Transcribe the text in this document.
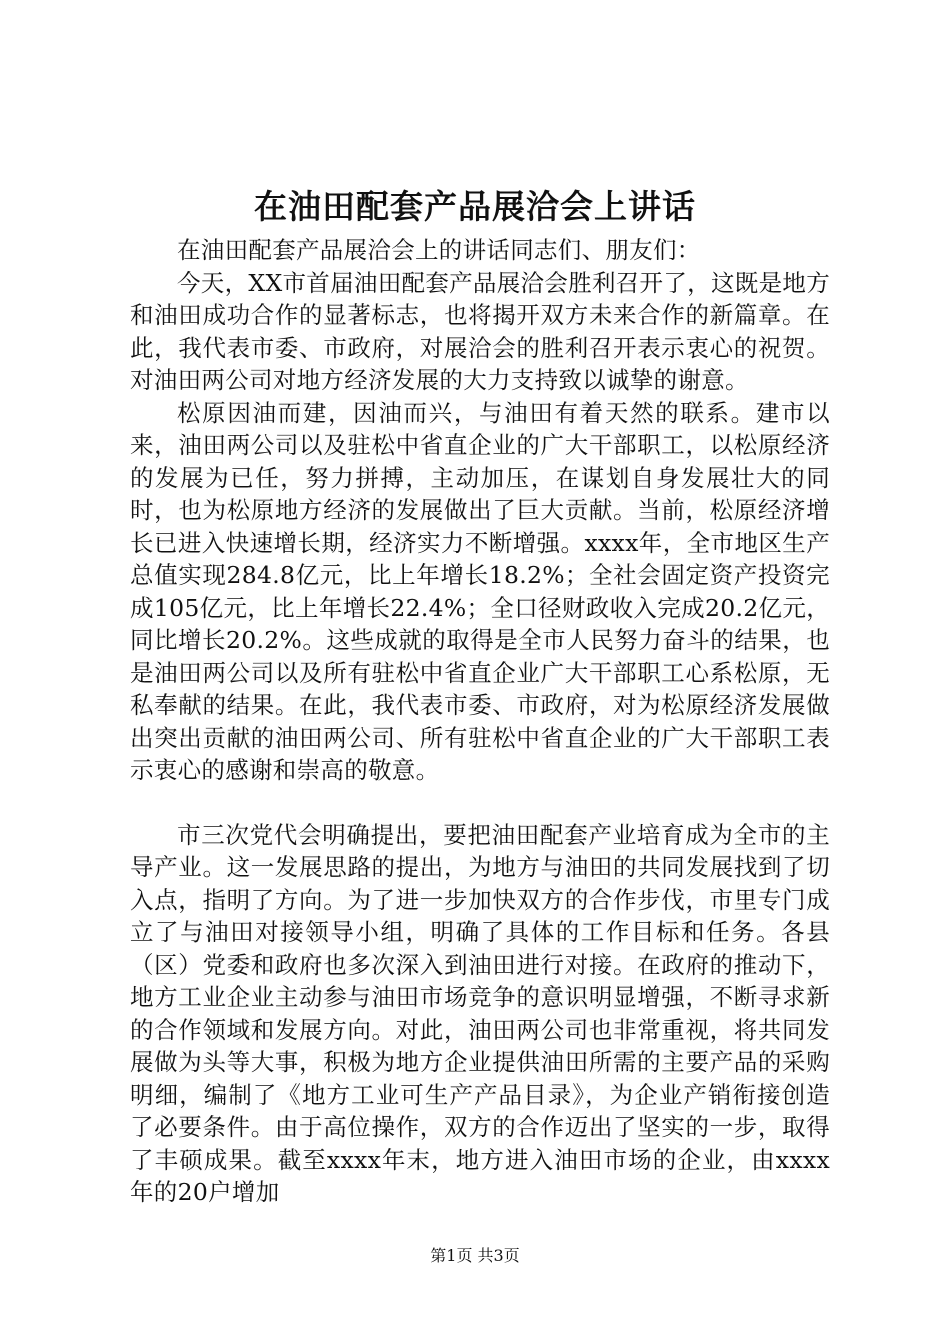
在油田配套产品展洽会上讲话

在油田配套产品展洽会上的讲话同志们、朋友们：

今天，XX市首届油田配套产品展洽会胜利召开了，这既是地方和油田成功合作的显著标志，也将揭开双方未来合作的新篇章。在此，我代表市委、市政府，对展洽会的胜利召开表示衷心的祝贺。对油田两公司对地方经济发展的大力支持致以诚挚的谢意。

松原因油而建，因油而兴，与油田有着天然的联系。建市以来，油田两公司以及驻松中省直企业的广大干部职工，以松原经济的发展为已任，努力拼搏，主动加压，在谋划自身发展壮大的同时，也为松原地方经济的发展做出了巨大贡献。当前，松原经济增长已进入快速增长期，经济实力不断增强。xxxx年，全市地区生产总值实现284.8亿元，比上年增长18.2%；全社会固定资产投资完成105亿元，比上年增长22.4%；全口径财政收入完成20.2亿元，同比增长20.2%。这些成就的取得是全市人民努力奋斗的结果，也是油田两公司以及所有驻松中省直企业广大干部职工心系松原，无私奉献的结果。在此，我代表市委、市政府，对为松原经济发展做出突出贡献的油田两公司、所有驻松中省直企业的广大干部职工表示衷心的感谢和崇高的敬意。

市三次党代会明确提出，要把油田配套产业培育成为全市的主导产业。这一发展思路的提出，为地方与油田的共同发展找到了切入点，指明了方向。为了进一步加快双方的合作步伐，市里专门成立了与油田对接领导小组，明确了具体的工作目标和任务。各县（区）党委和政府也多次深入到油田进行对接。在政府的推动下，地方工业企业主动参与油田市场竞争的意识明显增强，不断寻求新的合作领域和发展方向。对此，油田两公司也非常重视，将共同发展做为头等大事，积极为地方企业提供油田所需的主要产品的采购明细，编制了《地方工业可生产产品目录》，为企业产销衔接创造了必要条件。由于高位操作，双方的合作迈出了坚实的一步，取得了丰硕成果。截至xxxx年末，地方进入油田市场的企业，由xxxx年的20户增加

第1页 共3页
